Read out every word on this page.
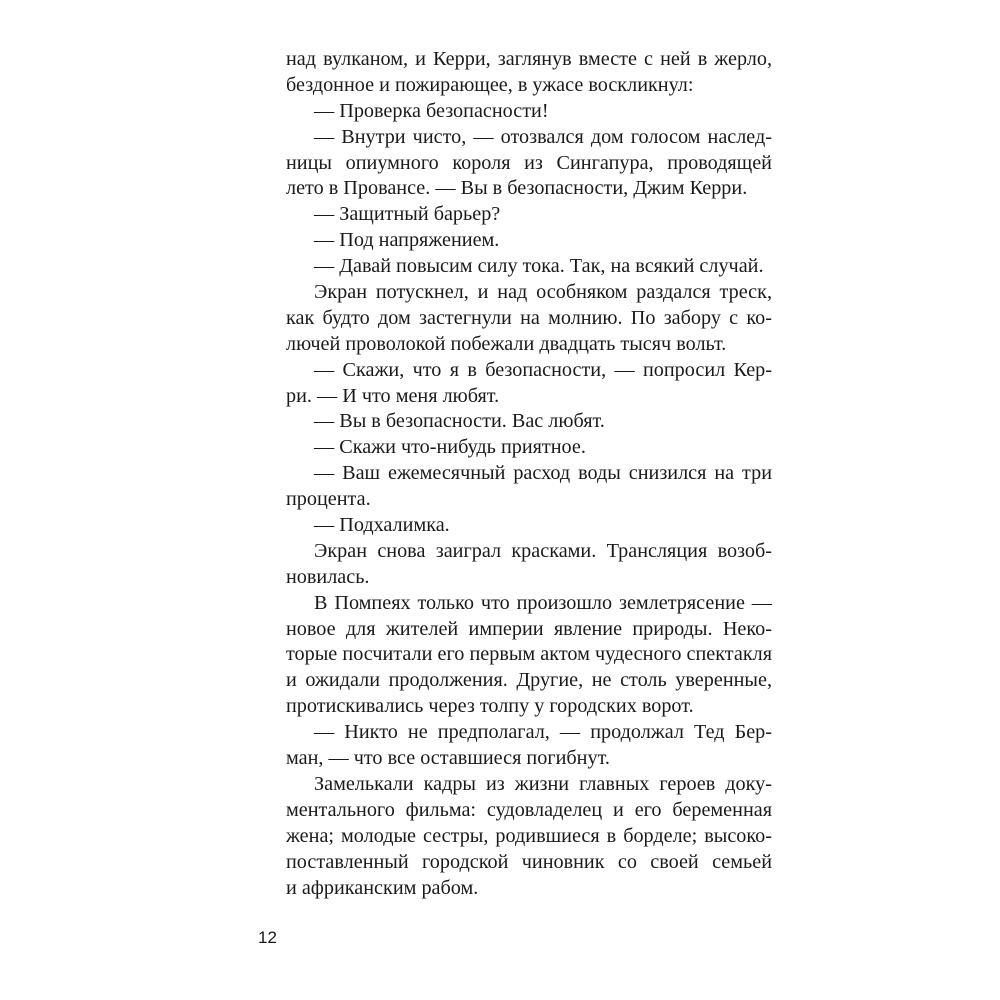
над вулканом, и Керри, заглянув вместе с ней в жерло,
бездонное и пожирающее, в ужасе воскликнул:
— Проверка безопасности!
— Внутри чисто, — отозвался дом голосом наслед-
ницы опиумного короля из Сингапура, проводящей
лето в Провансе. — Вы в безопасности, Джим Керри.
— Защитный барьер?
— Под напряжением.
— Давай повысим силу тока. Так, на всякий случай.
Экран потускнел, и над особняком раздался треск,
как будто дом застегнули на молнию. По забору с ко-
лючей проволокой побежали двадцать тысяч вольт.
— Скажи, что я в безопасности, — попросил Кер-
ри. — И что меня любят.
— Вы в безопасности. Вас любят.
— Скажи что-нибудь приятное.
— Ваш ежемесячный расход воды снизился на три
процента.
— Подхалимка.
Экран снова заиграл красками. Трансляция возоб-
новилась.
В Помпеях только что произошло землетрясение —
новое для жителей империи явление природы. Неко-
торые посчитали его первым актом чудесного спектакля
и ожидали продолжения. Другие, не столь уверенные,
протискивались через толпу у городских ворот.
— Никто не предполагал, — продолжал Тед Бер-
ман, — что все оставшиеся погибнут.
Замелькали кадры из жизни главных героев доку-
ментального фильма: судовладелец и его беременная
жена; молодые сестры, родившиеся в борделе; высоко-
поставленный городской чиновник со своей семьей
и африканским рабом.
12
